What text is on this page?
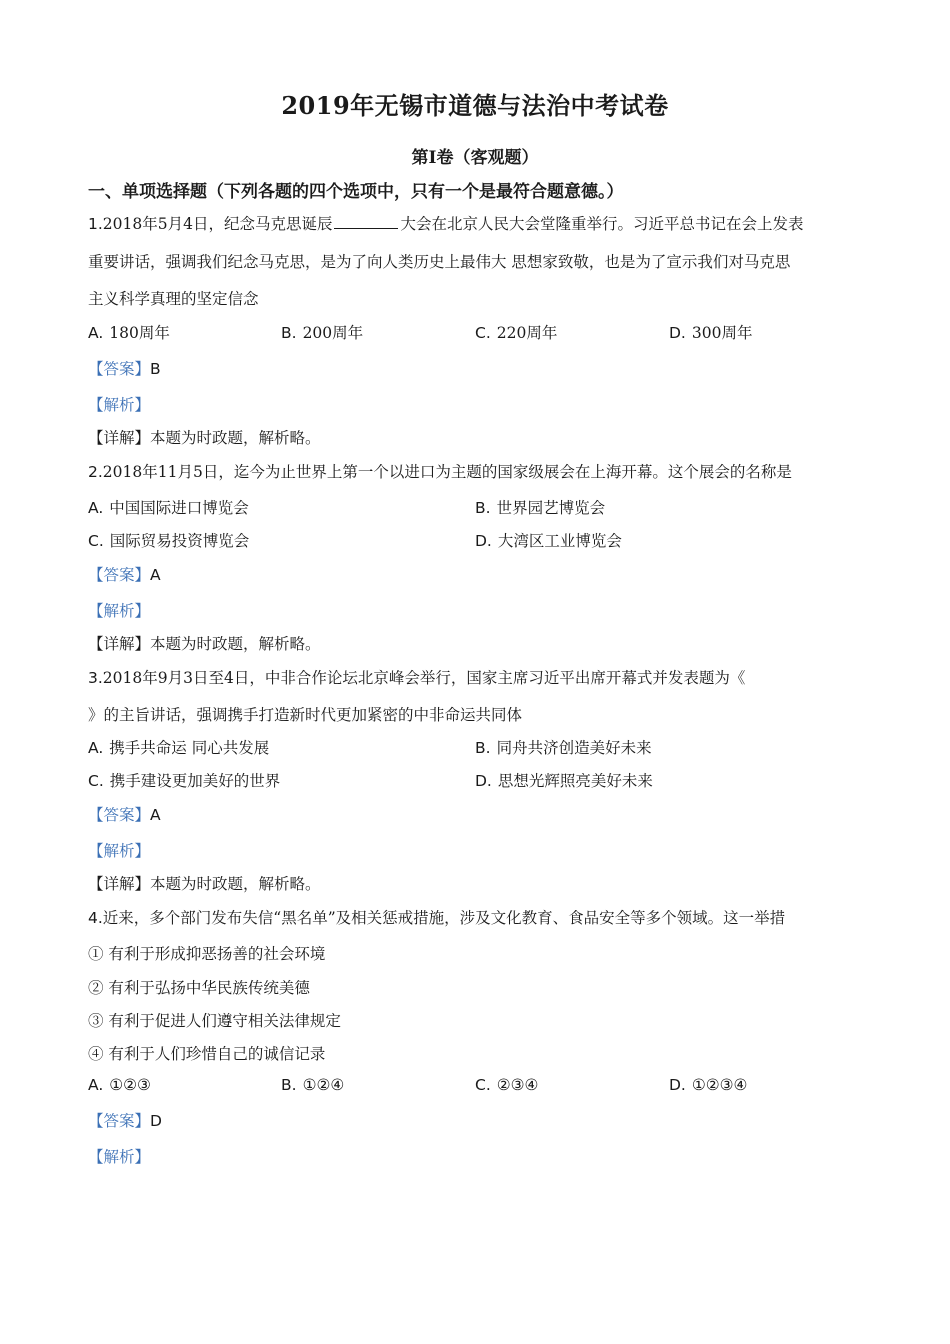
2019年无锡市道德与法治中考试卷
第Ⅰ卷（客观题）
一、单项选择题（下列各题的四个选项中，只有一个是最符合题意德。）
1.2018年5月4日，纪念马克思诞辰	大会在北京人民大会堂隆重举行。习近平总书记在会上发表
重要讲话，强调我们纪念马克思，是为了向人类历史上最伟大 思想家致敬，也是为了宣示我们对马克思
主义科学真理的坚定信念
A. 180周年	B. 200周年	C. 220周年	D. 300周年
【答案】B
【解析】
【详解】本题为时政题，解析略。
2.2018年11月5日，迄今为止世界上第一个以进口为主题的国家级展会在上海开幕。这个展会的名称是
A. 中国国际进口博览会	B. 世界园艺博览会
C. 国际贸易投资博览会	D. 大湾区工业博览会
【答案】A
【解析】
【详解】本题为时政题，解析略。
3.2018年9月3日至4日，中非合作论坛北京峰会举行，国家主席习近平出席开幕式并发表题为《
》的主旨讲话，强调携手打造新时代更加紧密的中非命运共同体
A. 携手共命运 同心共发展	B. 同舟共济创造美好未来
C. 携手建设更加美好的世界	D. 思想光辉照亮美好未来
【答案】A
【解析】
【详解】本题为时政题，解析略。
4.近来，多个部门发布失信“黑名单”及相关惩戒措施，涉及文化教育、食品安全等多个领域。这一举措
① 有利于形成抑恶扬善的社会环境
② 有利于弘扬中华民族传统美德
③ 有利于促进人们遵守相关法律规定
④ 有利于人们珍惜自己的诚信记录
A. ①②③	B. ①②④	C. ②③④	D. ①②③④
【答案】D
【解析】
